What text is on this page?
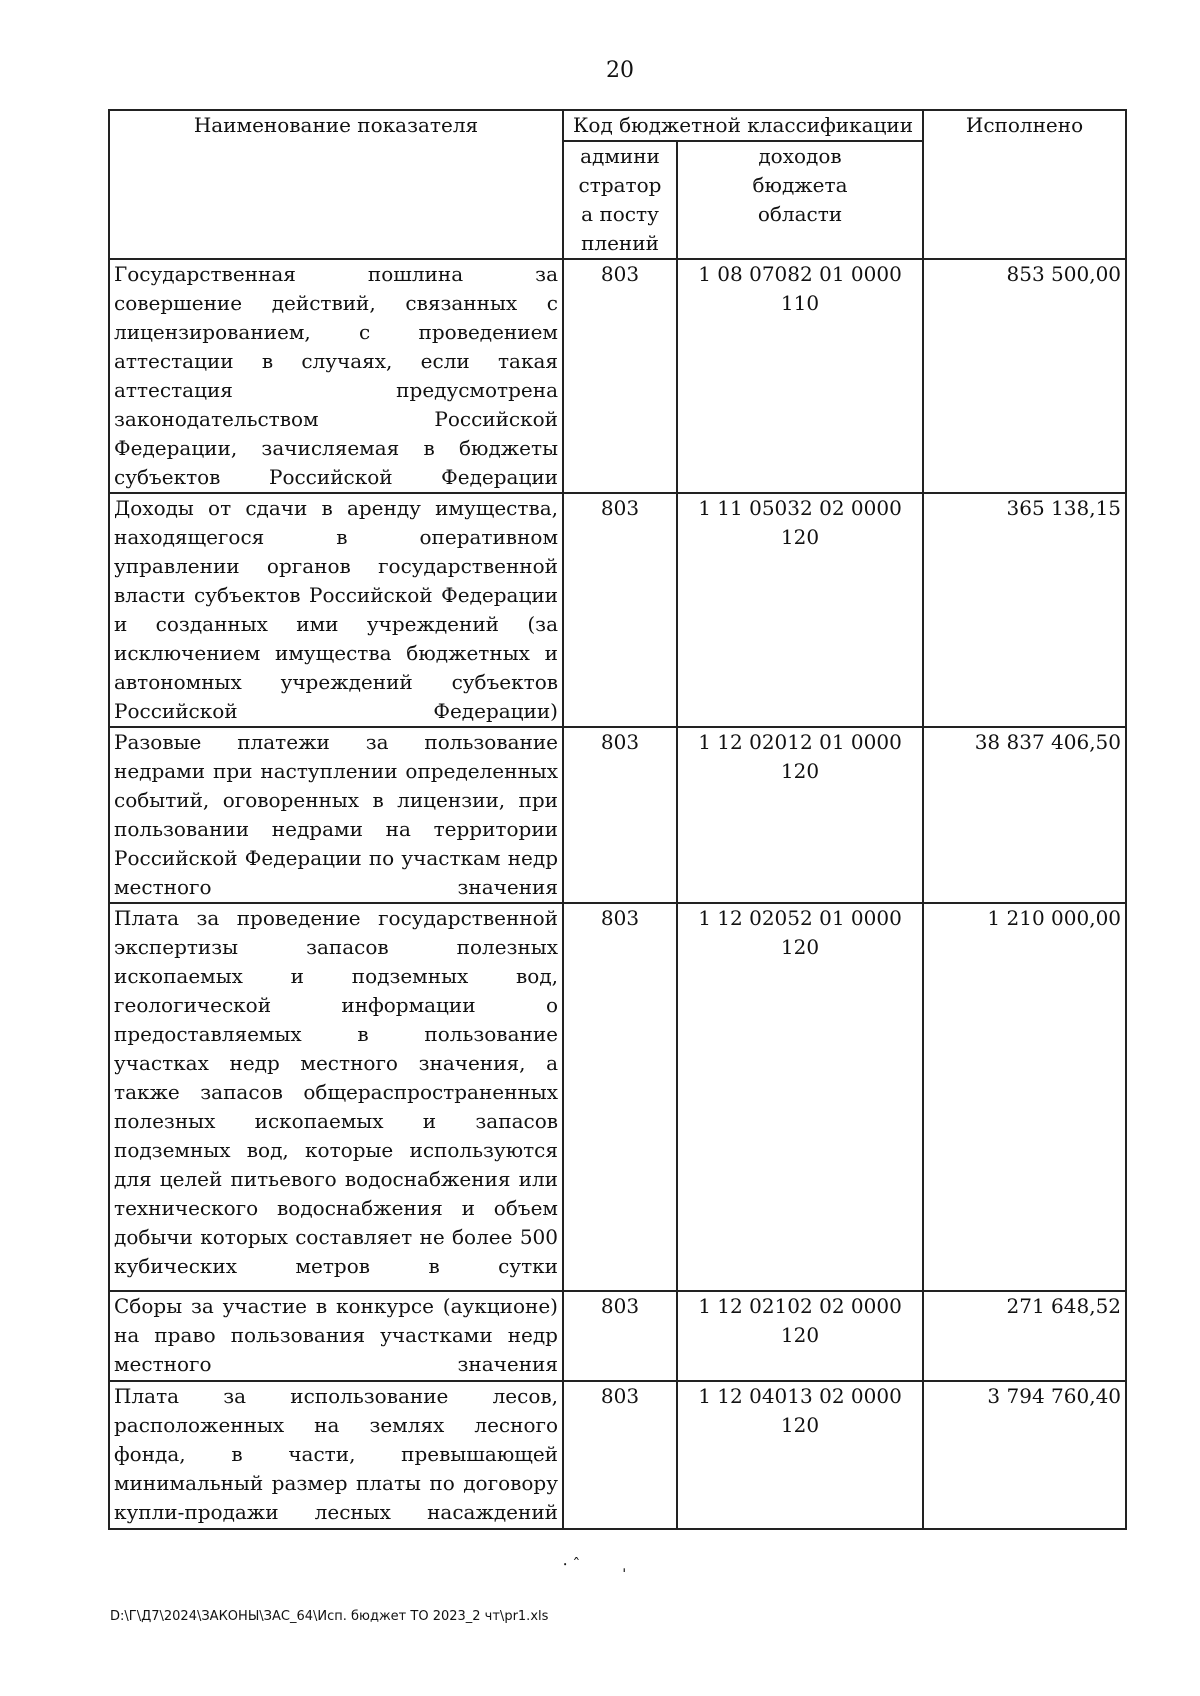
20
Наименование показателя	Код бюджетной классификации		Исполнено

	администратора поступлений	доходов бюджета области	
Государственная пошлина за совершение действий, связанных с лицензированием, с проведением аттестации в случаях, если такая аттестация предусмотрена законодательством Российской Федерации, зачисляемая в бюджеты субъектов Российской Федерации	803	1 08 07082 01 0000 110	853 500,00
Доходы от сдачи в аренду имущества, находящегося в оперативном управлении органов государственной власти субъектов Российской Федерации и созданных ими учреждений (за исключением имущества бюджетных и автономных учреждений субъектов Российской Федерации)	803	1 11 05032 02 0000 120	365 138,15
Разовые платежи за пользование недрами при наступлении определенных событий, оговоренных в лицензии, при пользовании недрами на территории Российской Федерации по участкам недр местного значения	803	1 12 02012 01 0000 120	38 837 406,50
Плата за проведение государственной экспертизы запасов полезных ископаемых и подземных вод, геологической информации о предоставляемых в пользование участках недр местного значения, а также запасов общераспространенных полезных ископаемых и запасов подземных вод, которые используются для целей питьевого водоснабжения или технического водоснабжения и объем добычи которых составляет не более 500 кубических метров в сутки	803	1 12 02052 01 0000 120	1 210 000,00
Сборы за участие в конкурсе (аукционе) на право пользования участками недр местного значения	803	1 12 02102 02 0000 120	271 648,52
Плата за использование лесов, расположенных на землях лесного фонда, в части, превышающей минимальный размер платы по договору купли-продажи лесных насаждений	803	1 12 04013 02 0000 120	3 794 760,40
⸱ ˆ	ˌ
D:\Г\Д7\2024\ЗАКОНЫ\ЗАС_64\Исп. бюджет ТО 2023_2 чт\pr1.xls
